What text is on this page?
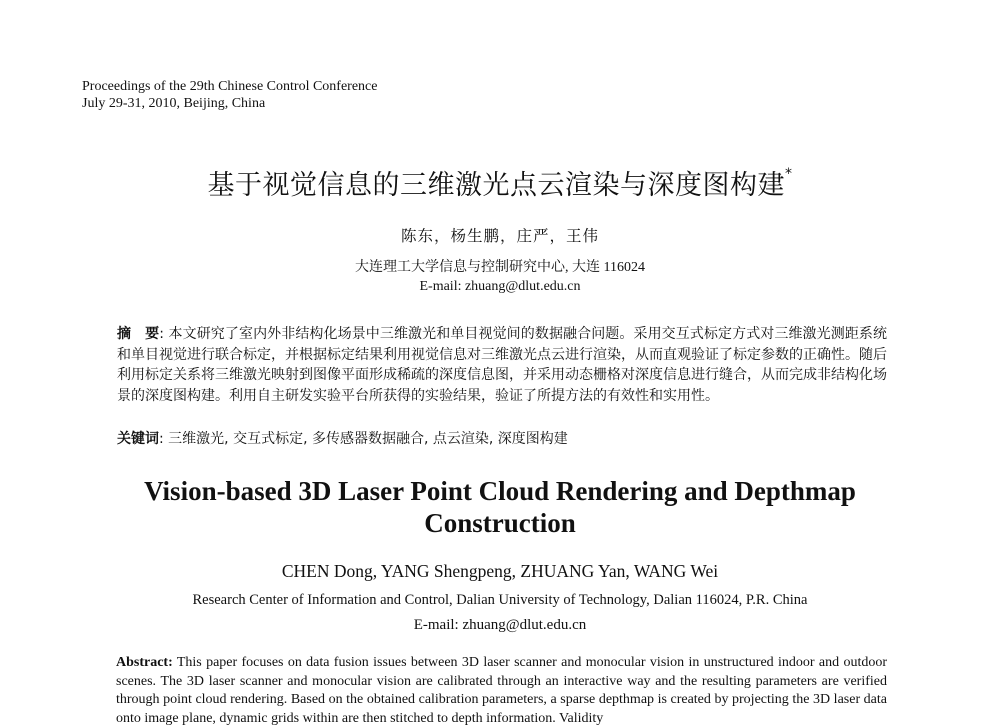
Proceedings of the 29th Chinese Control Conference
July 29-31, 2010, Beijing, China
基于视觉信息的三维激光点云渲染与深度图构建*
陈东，杨生鹏，庄严，王伟
大连理工大学信息与控制研究中心, 大连 116024
E-mail: zhuang@dlut.edu.cn
摘　要: 本文研究了室内外非结构化场景中三维激光和单目视觉间的数据融合问题。采用交互式标定方式对三维激光测距系统和单目视觉进行联合标定，并根据标定结果利用视觉信息对三维激光点云进行渲染，从而直观验证了标定参数的正确性。随后利用标定关系将三维激光映射到图像平面形成稀疏的深度信息图，并采用动态栅格对深度信息进行缝合，从而完成非结构化场景的深度图构建。利用自主研发实验平台所获得的实验结果，验证了所提方法的有效性和实用性。
关键词: 三维激光, 交互式标定, 多传感器数据融合, 点云渲染, 深度图构建
Vision-based 3D Laser Point Cloud Rendering and Depthmap Construction
CHEN Dong, YANG Shengpeng, ZHUANG Yan, WANG Wei
Research Center of Information and Control, Dalian University of Technology, Dalian 116024, P.R. China
E-mail: zhuang@dlut.edu.cn
Abstract: This paper focuses on data fusion issues between 3D laser scanner and monocular vision in unstructured indoor and outdoor scenes. The 3D laser scanner and monocular vision are calibrated through an interactive way and the resulting parameters are verified through point cloud rendering. Based on the obtained calibration parameters, a sparse depthmap is created by projecting the 3D laser data onto image plane, dynamic grids within are then stitched to depth information. Validity
